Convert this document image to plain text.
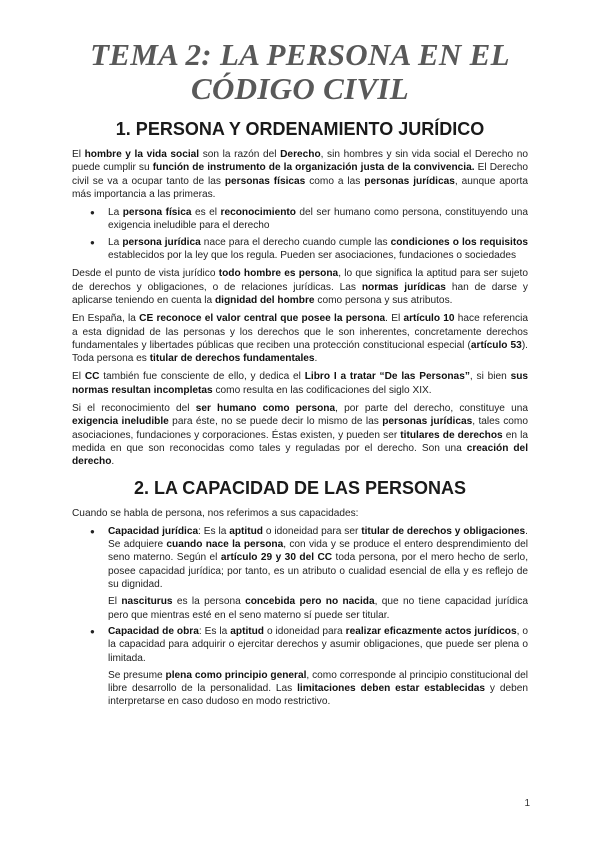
TEMA 2: LA PERSONA EN EL
CÓDIGO CIVIL
1. PERSONA Y ORDENAMIENTO JURÍDICO

El hombre y la vida social son la razón del Derecho, sin hombres y sin vida social el Derecho no puede cumplir su función de instrumento de la organización justa de la convivencia. El Derecho civil se va a ocupar tanto de las personas físicas como a las personas jurídicas, aunque aporta más importancia a las primeras.

● La persona física es el reconocimiento del ser humano como persona, constituyendo una exigencia ineludible para el derecho
● La persona jurídica nace para el derecho cuando cumple las condiciones o los requisitos establecidos por la ley que los regula. Pueden ser asociaciones, fundaciones o sociedades

Desde el punto de vista jurídico todo hombre es persona, lo que significa la aptitud para ser sujeto de derechos y obligaciones, o de relaciones jurídicas. Las normas jurídicas han de darse y aplicarse teniendo en cuenta la dignidad del hombre como persona y sus atributos.

En España, la CE reconoce el valor central que posee la persona. El artículo 10 hace referencia a esta dignidad de las personas y los derechos que le son inherentes, concretamente derechos fundamentales y libertades públicas que reciben una protección constitucional especial (artículo 53). Toda persona es titular de derechos fundamentales.

El CC también fue consciente de ello, y dedica el Libro I a tratar “De las Personas”, si bien sus normas resultan incompletas como resulta en las codificaciones del siglo XIX.

Si el reconocimiento del ser humano como persona, por parte del derecho, constituye una exigencia ineludible para éste, no se puede decir lo mismo de las personas jurídicas, tales como asociaciones, fundaciones y corporaciones. Éstas existen, y pueden ser titulares de derechos en la medida en que son reconocidas como tales y reguladas por el derecho. Son una creación del derecho.

2. LA CAPACIDAD DE LAS PERSONAS

Cuando se habla de persona, nos referimos a sus capacidades:

● Capacidad jurídica: Es la aptitud o idoneidad para ser titular de derechos y obligaciones. Se adquiere cuando nace la persona, con vida y se produce el entero desprendimiento del seno materno. Según el artículo 29 y 30 del CC toda persona, por el mero hecho de serlo, posee capacidad jurídica; por tanto, es un atributo o cualidad esencial de ella y es reflejo de su dignidad.

El nasciturus es la persona concebida pero no nacida, que no tiene capacidad jurídica pero que mientras esté en el seno materno sí puede ser titular.

● Capacidad de obra: Es la aptitud o idoneidad para realizar eficazmente actos jurídicos, o la capacidad para adquirir o ejercitar derechos y asumir obligaciones, que puede ser plena o limitada.

Se presume plena como principio general, como corresponde al principio constitucional del libre desarrollo de la personalidad. Las limitaciones deben estar establecidas y deben interpretarse en caso dudoso en modo restrictivo.

1
